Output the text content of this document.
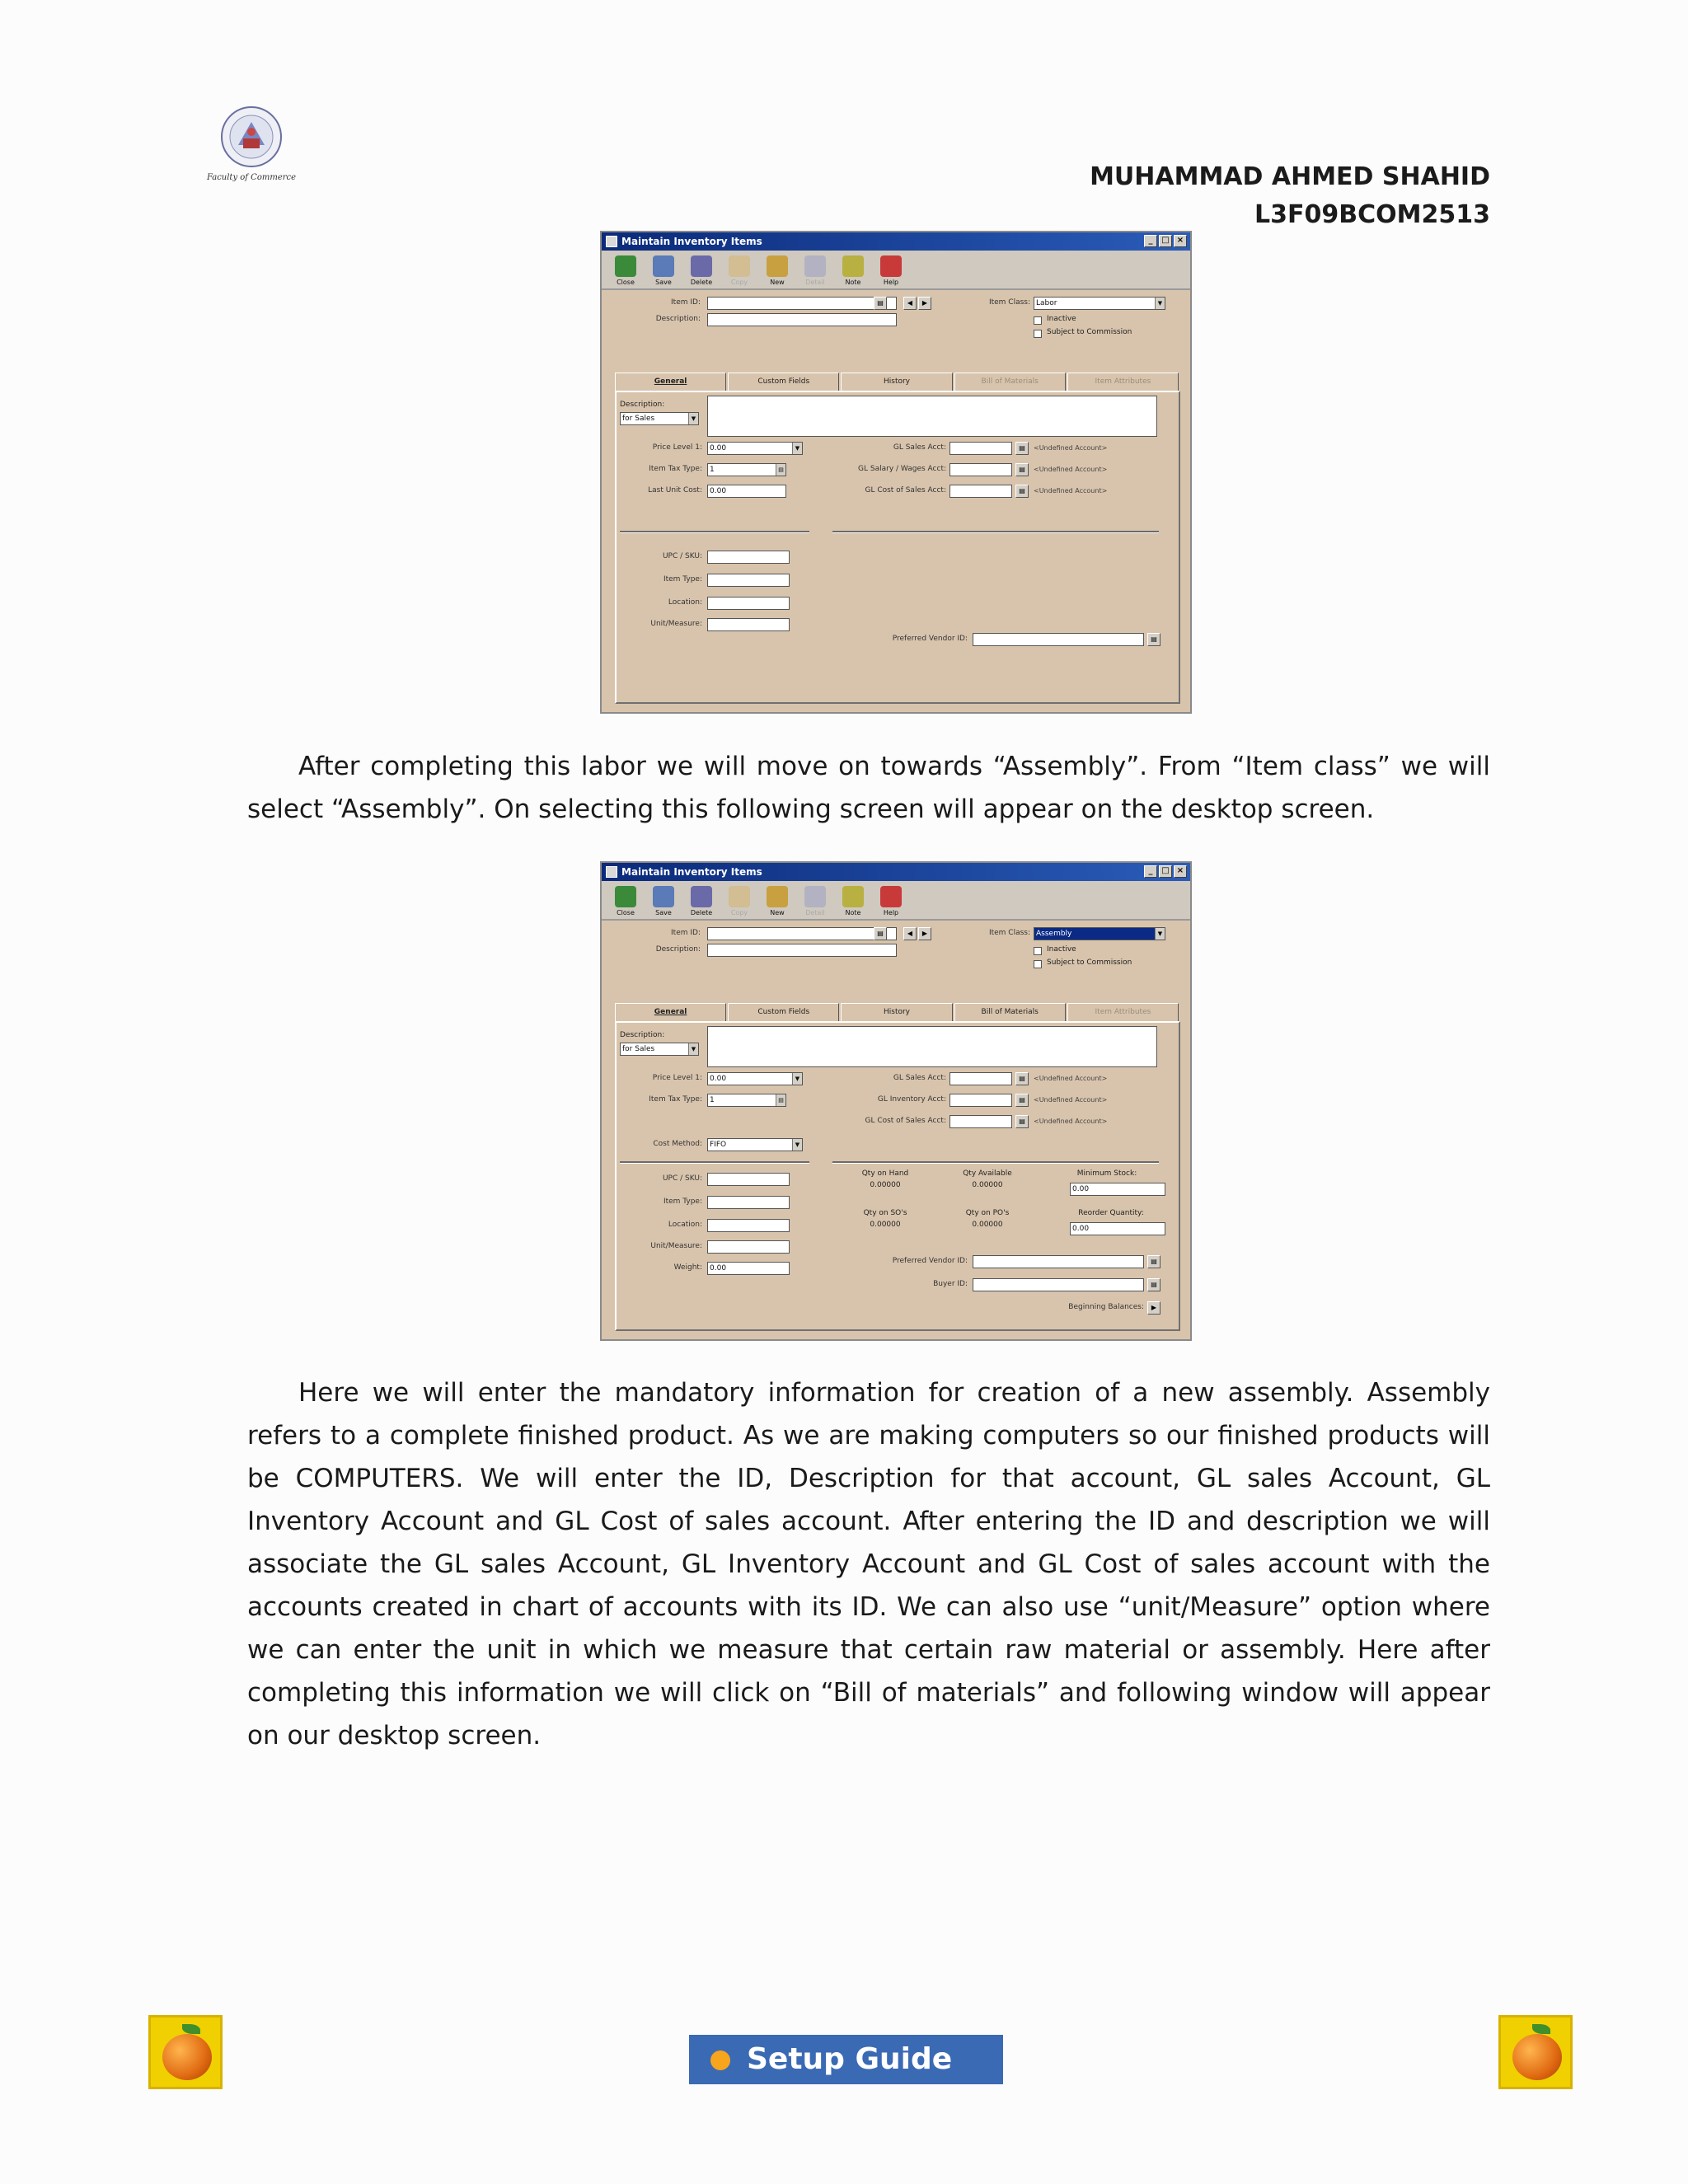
Faculty of Commerce	MUHAMMAD AHMED SHAHID
L3F09BCOM2513
Maintain Inventory Items	_	□ ×
Close	Save	Delete	Copy	New	Detail	Note	Help
Item ID:	▤	◀	▶
Description:
Item Class: Labor	▼
Inactive
Subject to Commission
General	Custom Fields	History	Bill of Materials	Item Attributes
Description:
for Sales	▼
Price Level 1:	0.00	▼
Item Tax Type:	1	▤
Last Unit Cost:	0.00
GL Sales Acct:	▤	<Undefined Account>
GL Salary / Wages Acct:	▤	<Undefined Account>
GL Cost of Sales Acct:	▤	<Undefined Account>
UPC / SKU:
Item Type:
Location:
Unit/Measure:
Preferred Vendor ID:	▤
After completing this labor we will move on towards “Assembly”. From “Item class” we will select “Assembly”. On selecting this following screen will appear on the desktop screen.
Maintain Inventory Items	_	□ ×
Close	Save	Delete	Copy	New	Detail	Note	Help
Item ID:	▤	◀	▶
Description:
Item Class: Assembly	▼
Inactive
Subject to Commission
General	Custom Fields	History	Bill of Materials	Item Attributes
Description:
for Sales	▼
Price Level 1:	0.00	▼
Item Tax Type:	1	▤
GL Sales Acct:	▤	<Undefined Account>
GL Inventory Acct:	▤	<Undefined Account>
GL Cost of Sales Acct:	▤	<Undefined Account>
Cost Method:	FIFO	▼
UPC / SKU:
Item Type:
Location:
Unit/Measure:
Weight:	0.00
Qty on Hand
0.00000
Qty Available
0.00000
Minimum Stock:
0.00
Qty on SO's
0.00000
Qty on PO's
0.00000
Reorder Quantity:
0.00
Preferred Vendor ID:	▤
Buyer ID:	▤
Beginning Balances:	▶
Here we will enter the mandatory information for creation of a new assembly. Assembly refers to a complete finished product. As we are making computers so our finished products will be COMPUTERS. We will enter the ID, Description for that account, GL sales Account, GL Inventory Account and GL Cost of sales account. After entering the ID and description we will associate the GL sales Account, GL Inventory Account and GL Cost of sales account with the accounts created in chart of accounts with its ID. We can also use “unit/Measure” option where we can enter the unit in which we measure that certain raw material or assembly. Here after completing this information we will click on “Bill of materials” and following window will appear on our desktop screen.
Setup Guide
